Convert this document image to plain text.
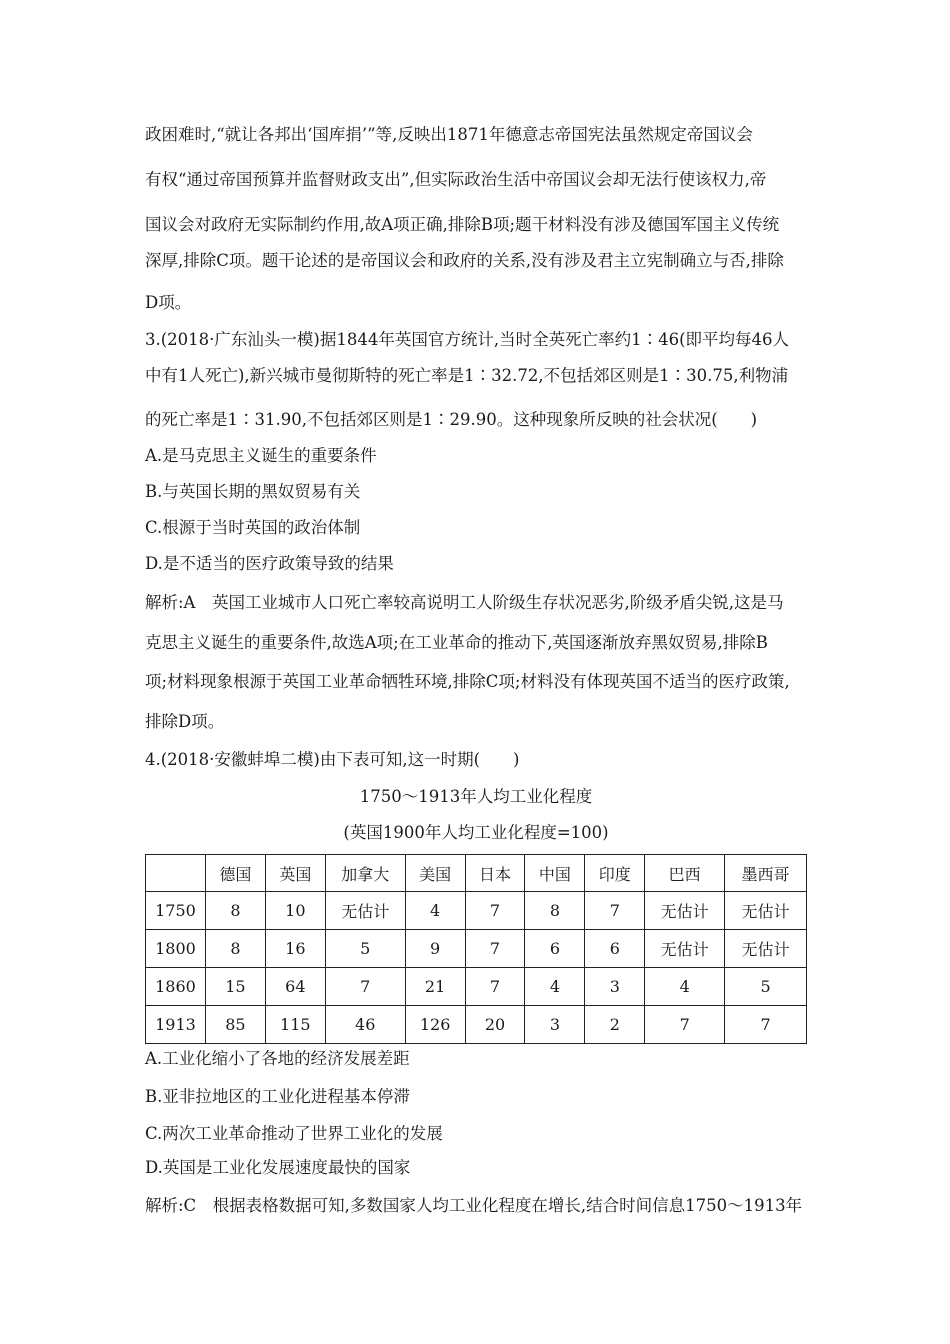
政困难时,“就让各邦出‘国库捐’”等,反映出1871年德意志帝国宪法虽然规定帝国议会
有权“通过帝国预算并监督财政支出”,但实际政治生活中帝国议会却无法行使该权力,帝
国议会对政府无实际制约作用,故A项正确,排除B项;题干材料没有涉及德国军国主义传统
深厚,排除C项。题干论述的是帝国议会和政府的关系,没有涉及君主立宪制确立与否,排除
D项。
3.(2018·广东汕头一模)据1844年英国官方统计,当时全英死亡率约1∶46(即平均每46人
中有1人死亡),新兴城市曼彻斯特的死亡率是1∶32.72,不包括郊区则是1∶30.75,利物浦
的死亡率是1∶31.90,不包括郊区则是1∶29.90。这种现象所反映的社会状况(　　)
A.是马克思主义诞生的重要条件
B.与英国长期的黑奴贸易有关
C.根源于当时英国的政治体制
D.是不适当的医疗政策导致的结果
解析:A　英国工业城市人口死亡率较高说明工人阶级生存状况恶劣,阶级矛盾尖锐,这是马
克思主义诞生的重要条件,故选A项;在工业革命的推动下,英国逐渐放弃黑奴贸易,排除B
项;材料现象根源于英国工业革命牺牲环境,排除C项;材料没有体现英国不适当的医疗政策,
排除D项。
4.(2018·安徽蚌埠二模)由下表可知,这一时期(　　)
1750～1913年人均工业化程度
(英国1900年人均工业化程度=100)
	德国	英国	加拿大	美国	日本	中国	印度	巴西	墨西哥
1750	8	10	无估计	4	7	8	7	无估计	无估计
1800	8	16	5	9	7	6	6	无估计	无估计
1860	15	64	7	21	7	4	3	4	5
1913	85	115	46	126	20	3	2	7	7
A.工业化缩小了各地的经济发展差距
B.亚非拉地区的工业化进程基本停滞
C.两次工业革命推动了世界工业化的发展
D.英国是工业化发展速度最快的国家
解析:C　根据表格数据可知,多数国家人均工业化程度在增长,结合时间信息1750～1913年
